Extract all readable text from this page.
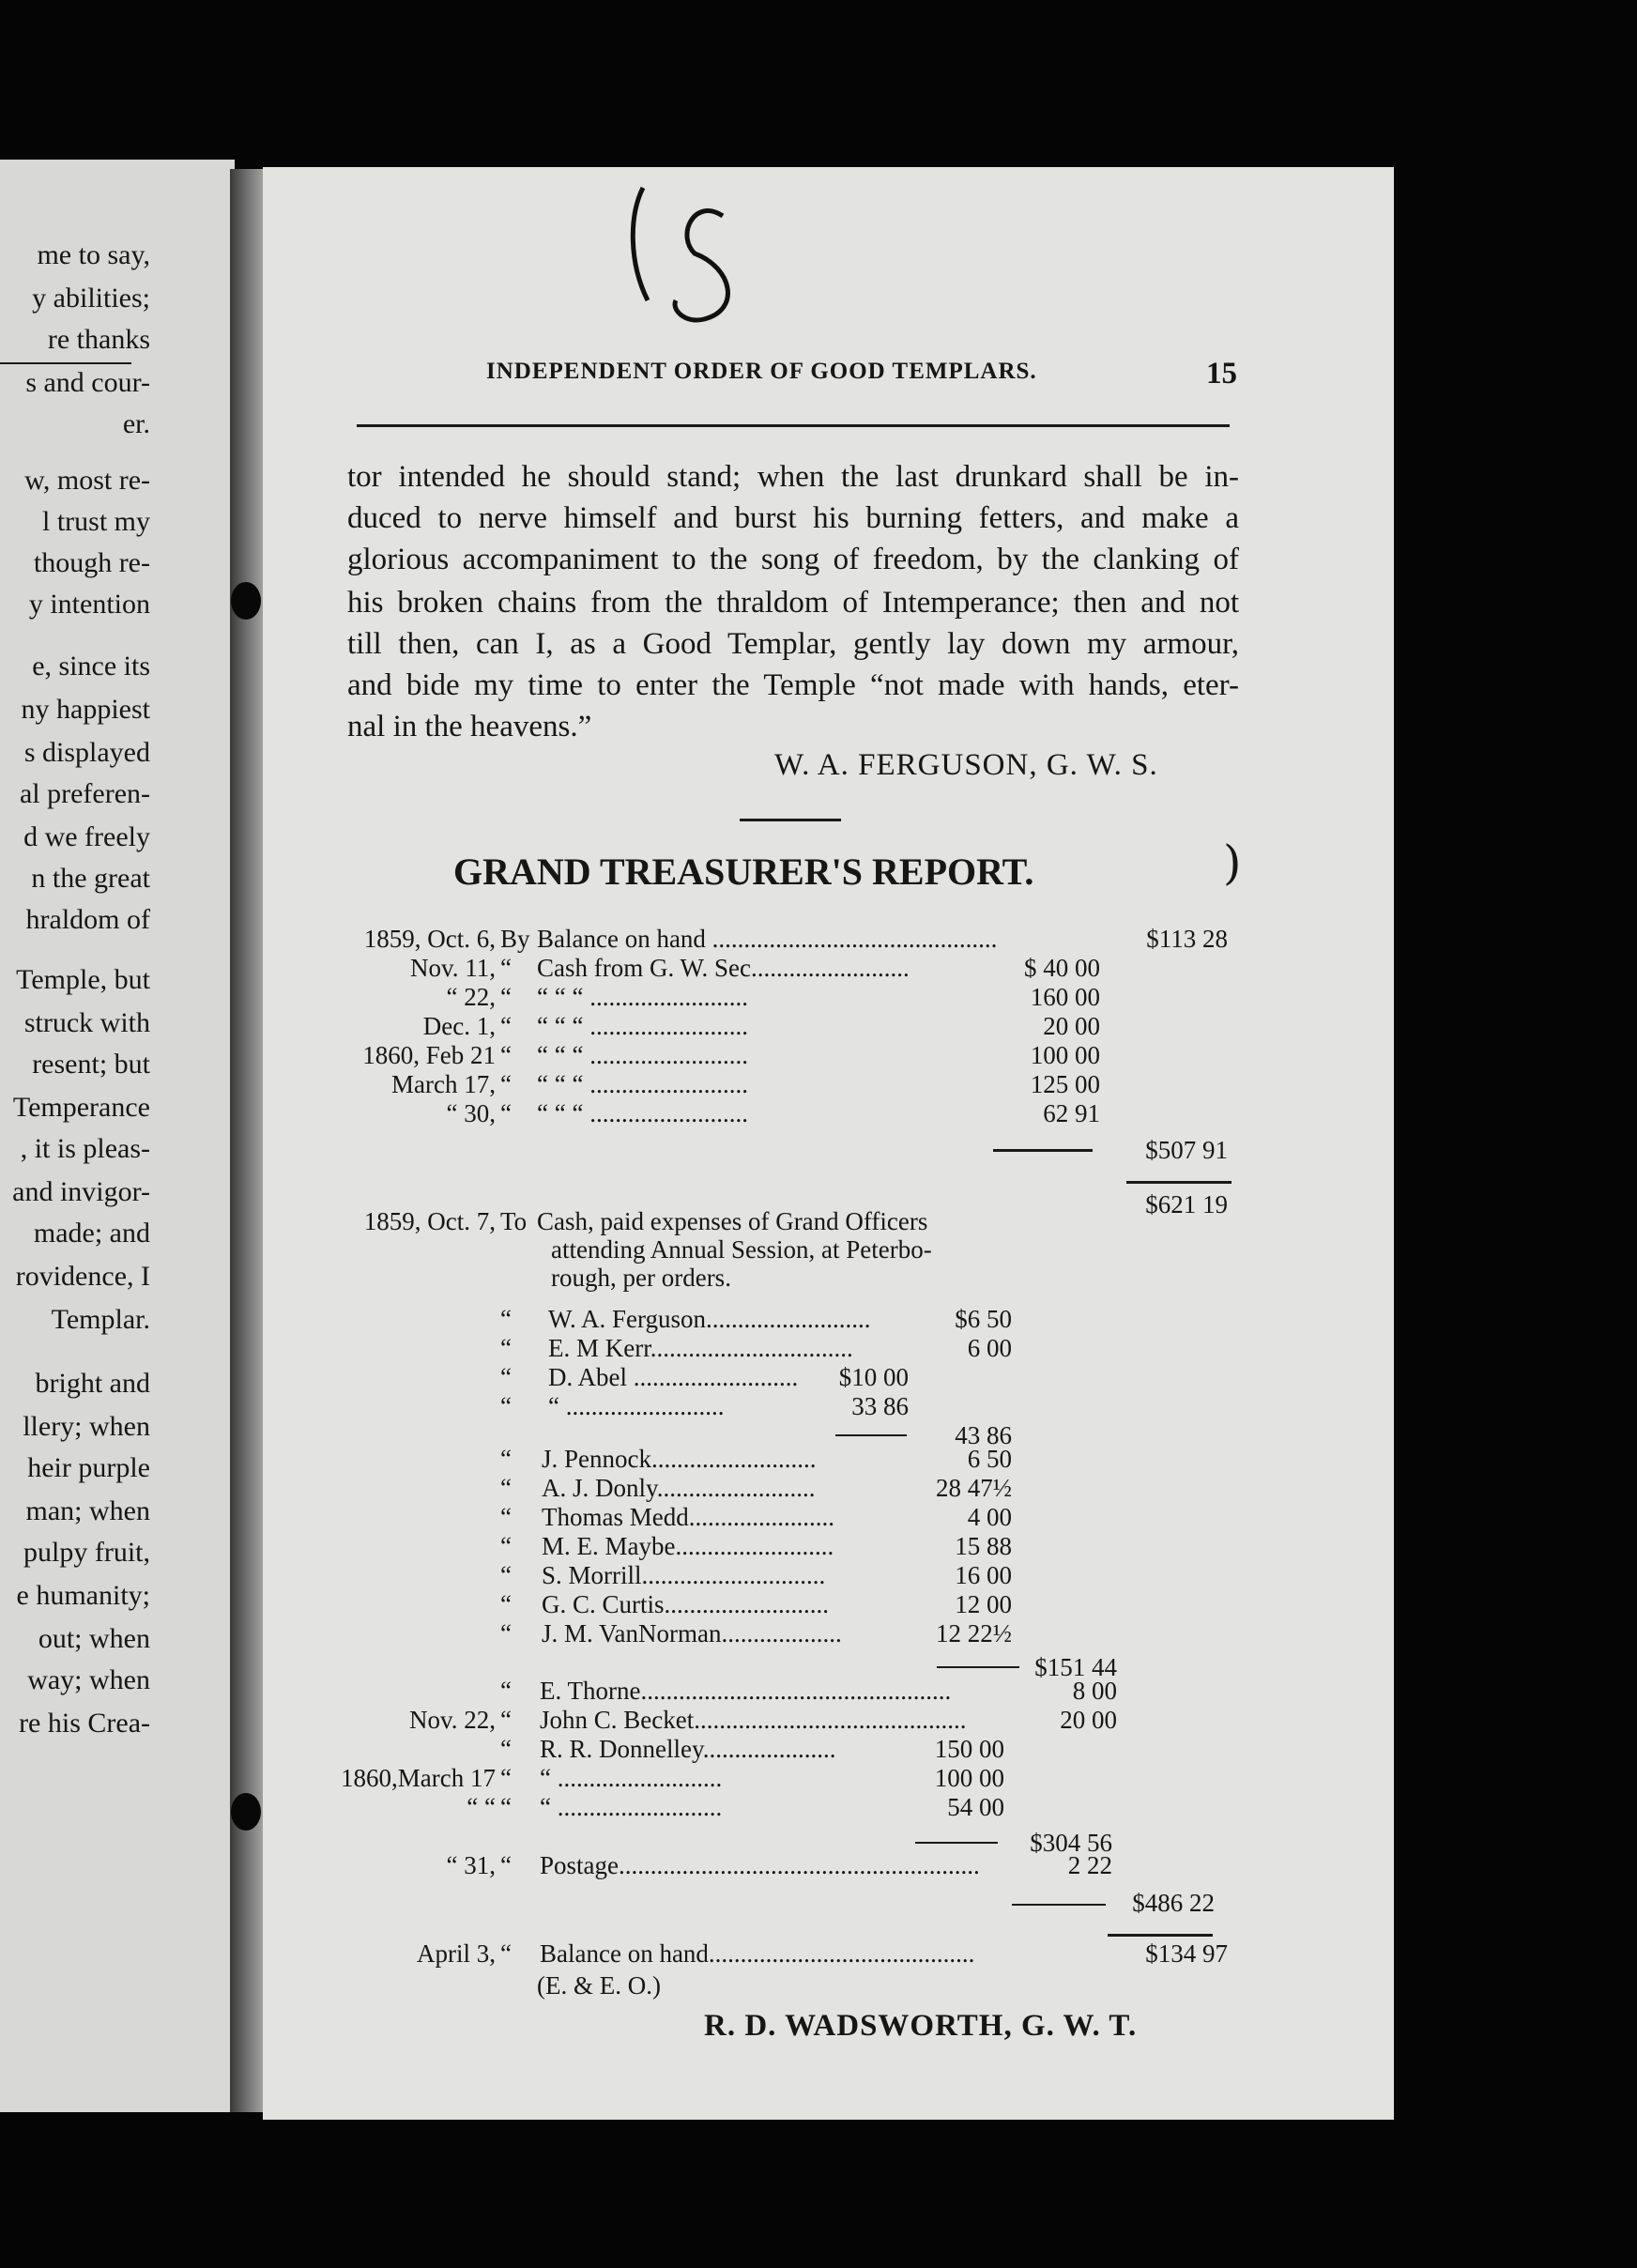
me to say,
y abilities;
re thanks
s and cour-
er.
w, most re-
l trust my
though re-
y intention
e, since its
ny happiest
s displayed
al preferen-
d we freely
n the great
hraldom of
Temple, but
struck with
resent; but
Temperance
, it is pleas-
and invigor-
made; and
rovidence, I
Templar.
bright and
llery; when
heir purple
man; when
pulpy fruit,
e humanity;
out; when
way; when
re his Crea-
INDEPENDENT ORDER OF GOOD TEMPLARS.	15
W. A. FERGUSON, G. W. S.
GRAND TREASURER'S REPORT.	)
tor intended he should stand; when the last drunkard shall be in-
duced to nerve himself and burst his burning fetters, and make a
glorious accompaniment to the song of freedom, by the clanking of
his broken chains from the thraldom of Intemperance; then and not
till then, can I, as a Good Templar, gently lay down my armour,
and bide my time to enter the Temple “not made with hands, eter-
nal in the heavens.”
1859, Oct. 6, By Balance on hand .............................................	$113 28
Nov. 11, “ Cash from G. W. Sec.........................	$ 40 00
“ 22, “ “ “ “ .........................	160 00
Dec. 1, “ “ “ “ .........................	20 00
1860, Feb 21 “ “ “ “ .........................	100 00
March 17, “ “ “ “ .........................	125 00
“ 30, “ “ “ “ .........................	62 91
$507 91
$621 19
1859, Oct. 7, To Cash, paid expenses of Grand Officers
attending Annual Session, at Peterbo-
rough, per orders.
“ W. A. Ferguson..........................	$6 50
“ E. M Kerr................................	6 00
“ D. Abel .......................... $10 00
“ “ .........................	33 86
43 86
“ J. Pennock..........................	6 50
“ A. J. Donly.........................	28 47½
“ Thomas Medd.......................	4 00
“ M. E. Maybe.........................	15 88
“ S. Morrill.............................	16 00
“ G. C. Curtis..........................	12 00
“ J. M. VanNorman...................	12 22½
$151 44
“ E. Thorne.................................................	8 00
Nov. 22, “ John C. Becket...........................................	20 00
“ R. R. Donnelley.....................	150 00
1860,March 17 “ “ ..........................	100 00
“ “ “ “ ..........................	54 00
$304 56
“ 31, “ Postage.........................................................	2 22
$486 22
April 3, “ Balance on hand..........................................	$134 97
(E. & E. O.)
R. D. WADSWORTH, G. W. T.
